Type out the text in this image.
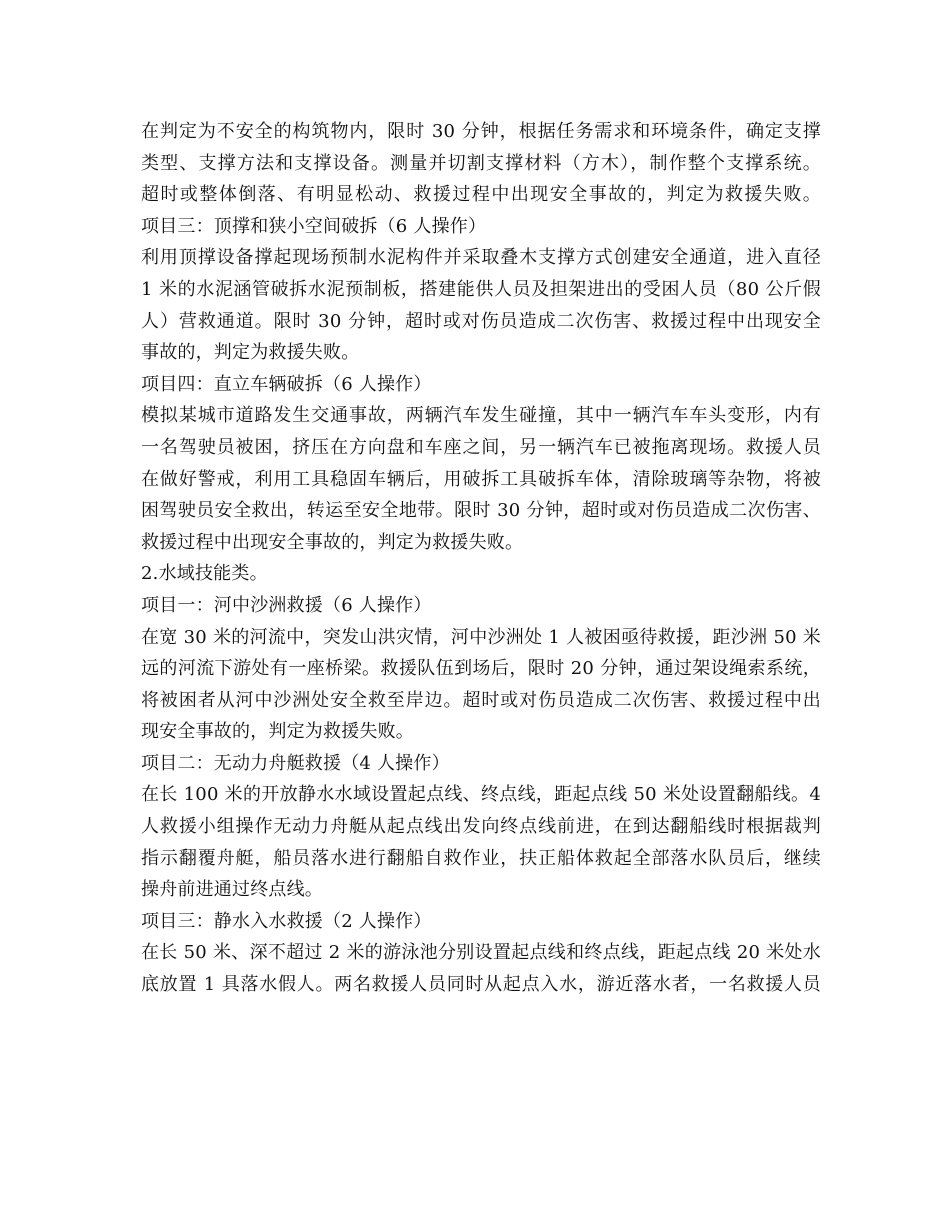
在判定为不安全的构筑物内，限时 30 分钟，根据任务需求和环境条件，确定支撑
类型、支撑方法和支撑设备。测量并切割支撑材料（方木），制作整个支撑系统。
超时或整体倒落、有明显松动、救援过程中出现安全事故的，判定为救援失败。
项目三：顶撑和狭小空间破拆（6 人操作）
利用顶撑设备撑起现场预制水泥构件并采取叠木支撑方式创建安全通道，进入直径
1 米的水泥涵管破拆水泥预制板，搭建能供人员及担架进出的受困人员（80 公斤假
人）营救通道。限时 30 分钟，超时或对伤员造成二次伤害、救援过程中出现安全
事故的，判定为救援失败。
项目四：直立车辆破拆（6 人操作）
模拟某城市道路发生交通事故，两辆汽车发生碰撞，其中一辆汽车车头变形，内有
一名驾驶员被困，挤压在方向盘和车座之间，另一辆汽车已被拖离现场。救援人员
在做好警戒，利用工具稳固车辆后，用破拆工具破拆车体，清除玻璃等杂物，将被
困驾驶员安全救出，转运至安全地带。限时 30 分钟，超时或对伤员造成二次伤害、
救援过程中出现安全事故的，判定为救援失败。
2.水域技能类。
项目一：河中沙洲救援（6 人操作）
在宽 30 米的河流中，突发山洪灾情，河中沙洲处 1 人被困亟待救援，距沙洲 50 米
远的河流下游处有一座桥梁。救援队伍到场后，限时 20 分钟，通过架设绳索系统，
将被困者从河中沙洲处安全救至岸边。超时或对伤员造成二次伤害、救援过程中出
现安全事故的，判定为救援失败。
项目二：无动力舟艇救援（4 人操作）
在长 100 米的开放静水水域设置起点线、终点线，距起点线 50 米处设置翻船线。4
人救援小组操作无动力舟艇从起点线出发向终点线前进，在到达翻船线时根据裁判
指示翻覆舟艇，船员落水进行翻船自救作业，扶正船体救起全部落水队员后，继续
操舟前进通过终点线。
项目三：静水入水救援（2 人操作）
在长 50 米、深不超过 2 米的游泳池分别设置起点线和终点线，距起点线 20 米处水
底放置 1 具落水假人。两名救援人员同时从起点入水，游近落水者，一名救援人员
